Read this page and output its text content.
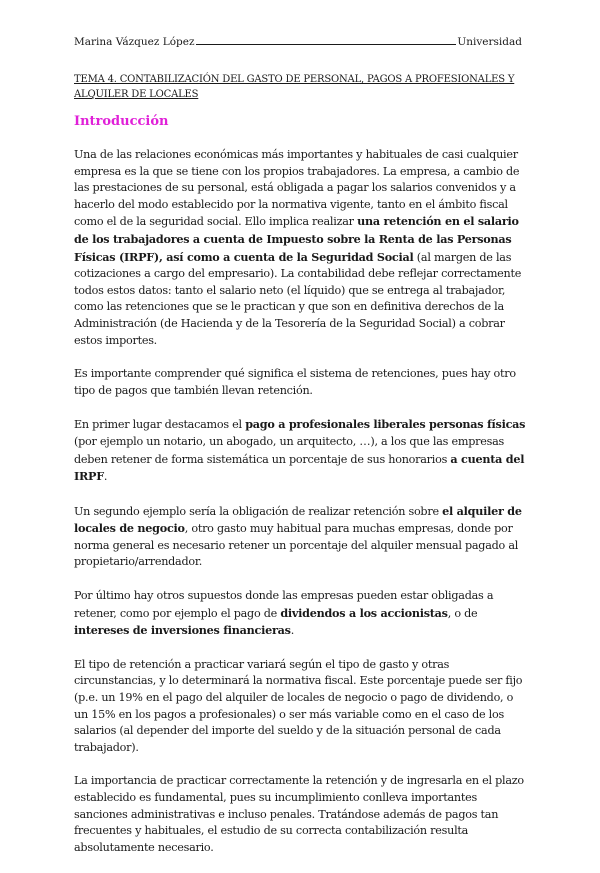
Marina Vázquez López	Universidad
TEMA 4. CONTABILIZACIÓN DEL GASTO DE PERSONAL, PAGOS A PROFESIONALES Y ALQUILER DE LOCALES
Introducción

Una de las relaciones económicas más importantes y habituales de casi cualquier empresa es la que se tiene con los propios trabajadores. La empresa, a cambio de las prestaciones de su personal, está obligada a pagar los salarios convenidos y a hacerlo del modo establecido por la normativa vigente, tanto en el ámbito fiscal como el de la seguridad social. Ello implica realizar una retención en el salario de los trabajadores a cuenta de Impuesto sobre la Renta de las Personas Físicas (IRPF), así como a cuenta de la Seguridad Social (al margen de las cotizaciones a cargo del empresario). La contabilidad debe reflejar correctamente todos estos datos: tanto el salario neto (el líquido) que se entrega al trabajador, como las retenciones que se le practican y que son en definitiva derechos de la Administración (de Hacienda y de la Tesorería de la Seguridad Social) a cobrar estos importes.

Es importante comprender qué significa el sistema de retenciones, pues hay otro tipo de pagos que también llevan retención.

En primer lugar destacamos el pago a profesionales liberales personas físicas (por ejemplo un notario, un abogado, un arquitecto, …), a los que las empresas deben retener de forma sistemática un porcentaje de sus honorarios a cuenta del IRPF.

Un segundo ejemplo sería la obligación de realizar retención sobre el alquiler de locales de negocio, otro gasto muy habitual para muchas empresas, donde por norma general es necesario retener un porcentaje del alquiler mensual pagado al propietario/arrendador.

Por último hay otros supuestos donde las empresas pueden estar obligadas a retener, como por ejemplo el pago de dividendos a los accionistas, o de intereses de inversiones financieras.

El tipo de retención a practicar variará según el tipo de gasto y otras circunstancias, y lo determinará la normativa fiscal. Este porcentaje puede ser fijo (p.e. un 19% en el pago del alquiler de locales de negocio o pago de dividendo, o un 15% en los pagos a profesionales) o ser más variable como en el caso de los salarios (al depender del importe del sueldo y de la situación personal de cada trabajador).

La importancia de practicar correctamente la retención y de ingresarla en el plazo establecido es fundamental, pues su incumplimiento conlleva importantes sanciones administrativas e incluso penales. Tratándose además de pagos tan frecuentes y habituales, el estudio de su correcta contabilización resulta absolutamente necesario.
